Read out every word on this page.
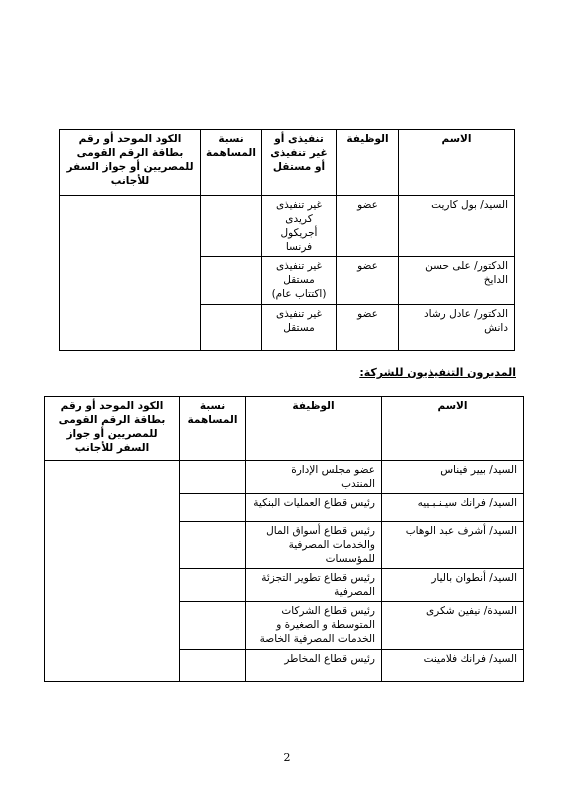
الاسم	الوظيفة	تنفيذى أو غير تنفيذى أو مستقل	نسبة المساهمة	الكود الموحد أو رقم بطاقة الرقم القومى للمصريين أو جواز السفر للأجانب
السيد/ بول كاريت	عضو	غير تنفيذى
كريدى أجريكول
فرنسا		

الدكتور/ على حسن الدايخ	عضو	غير تنفيذى
مستقل
(اكتتاب عام)		

الدكتور/ عادل رشاد دانش	عضو	غير تنفيذى
مستقل		

المديرون التنفيذيون للشركة:
الاسم	الوظيفة	نسبة المساهمة	الكود الموحد أو رقم بطاقة الرقم القومى للمصريين أو جواز السفر للأجانب
السيد/ بيير فيناس	عضو مجلس الإدارة
المنتدب		

السيد/ فرانك سيـنـبـييه	رئيس قطاع العمليات البنكية		

السيد/ أشرف عبد الوهاب	رئيس قطاع أسواق المال
والخدمات المصرفية للمؤسسات		

السيد/ أنطوان باليار	رئيس قطاع تطوير التجزئة
المصرفية		

السيدة/ نيفين شكرى	رئيس قطاع الشركات
المتوسطة و الصغيرة و
الخدمات المصرفية الخاصة		

السيد/ فرانك فلامينت	رئيس قطاع المخاطر		

2
